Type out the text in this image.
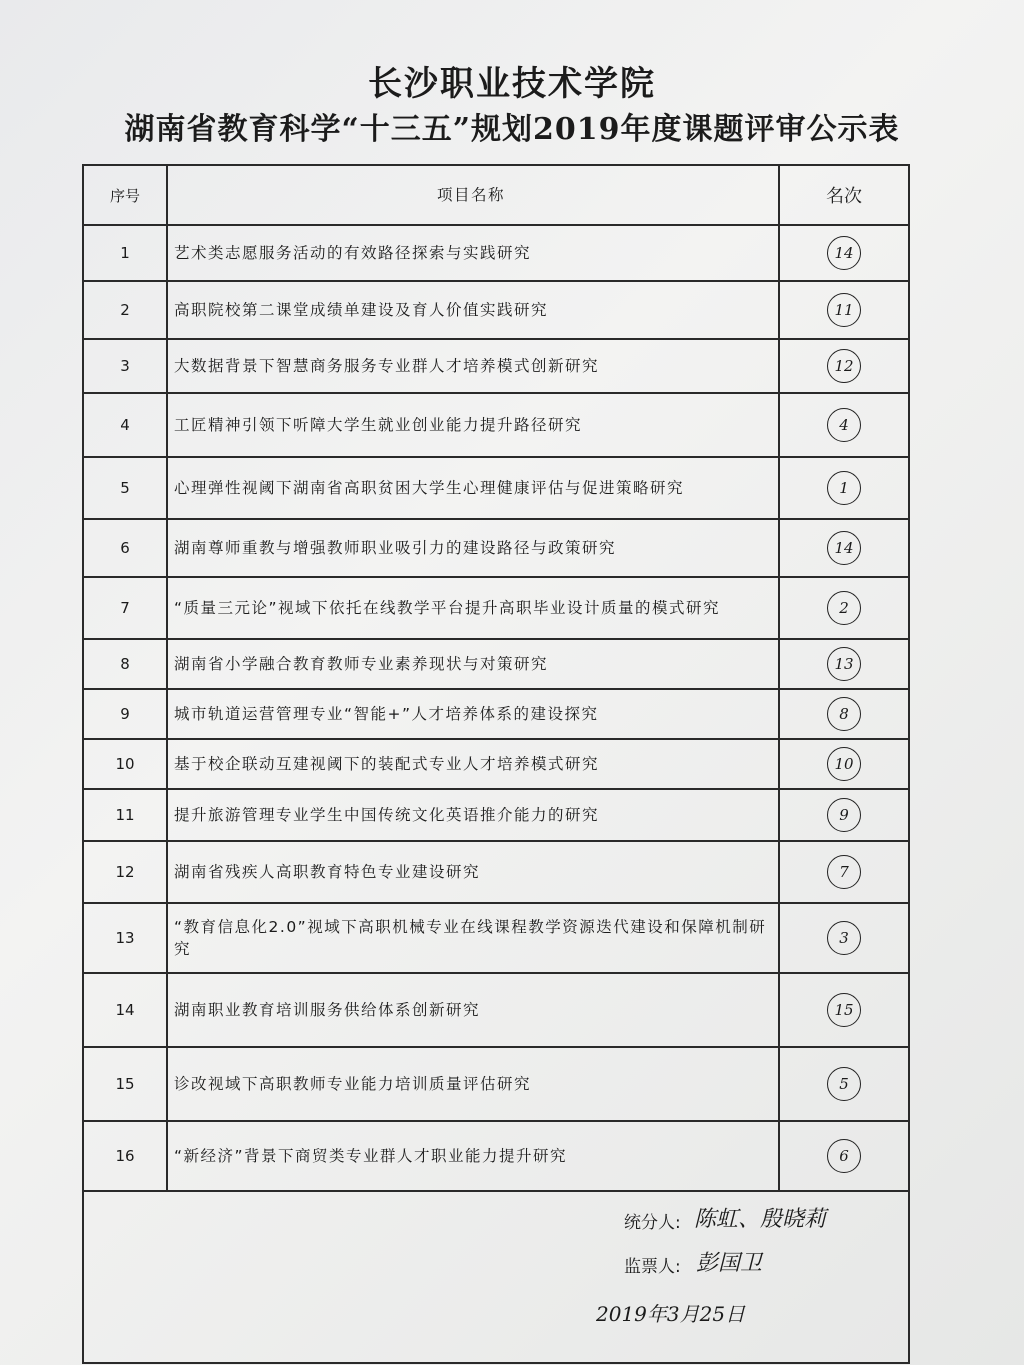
长沙职业技术学院
湖南省教育科学“十三五”规划2019年度课题评审公示表
序号	项目名称	名次
1	艺术类志愿服务活动的有效路径探索与实践研究	14
2	高职院校第二课堂成绩单建设及育人价值实践研究	11
3	大数据背景下智慧商务服务专业群人才培养模式创新研究	12
4	工匠精神引领下听障大学生就业创业能力提升路径研究	4
5	心理弹性视阈下湖南省高职贫困大学生心理健康评估与促进策略研究	1
6	湖南尊师重教与增强教师职业吸引力的建设路径与政策研究	14
7	“质量三元论”视域下依托在线教学平台提升高职毕业设计质量的模式研究	2
8	湖南省小学融合教育教师专业素养现状与对策研究	13
9	城市轨道运营管理专业“智能+”人才培养体系的建设探究	8
10	基于校企联动互建视阈下的装配式专业人才培养模式研究	10
11	提升旅游管理专业学生中国传统文化英语推介能力的研究	9
12	湖南省残疾人高职教育特色专业建设研究	7
13	“教育信息化2.0”视域下高职机械专业在线课程教学资源迭代建设和保障机制研究	3
14	湖南职业教育培训服务供给体系创新研究	15
15	诊改视域下高职教师专业能力培训质量评估研究	5
16	“新经济”背景下商贸类专业群人才职业能力提升研究	6

统分人: 陈虹、殷晓莉
监票人: 彭国卫
2019年3月25日		
